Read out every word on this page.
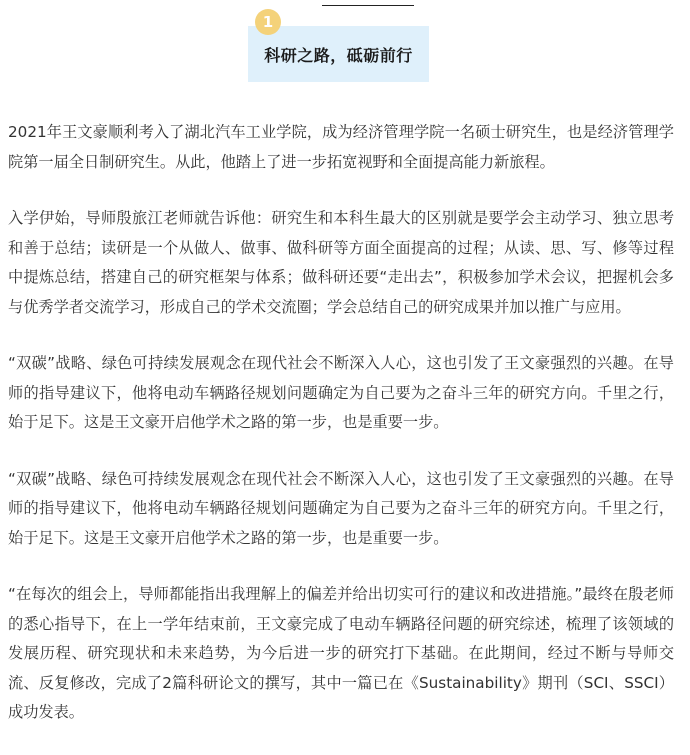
科研之路，砥砺前行
1

2021年王文豪顺利考入了湖北汽车工业学院，成为经济管理学院一名硕士研究生，也是经济管理学院第一届全日制研究生。从此，他踏上了进一步拓宽视野和全面提高能力新旅程。

入学伊始，导师殷旅江老师就告诉他：研究生和本科生最大的区别就是要学会主动学习、独立思考和善于总结；读研是一个从做人、做事、做科研等方面全面提高的过程；从读、思、写、修等过程中提炼总结，搭建自己的研究框架与体系；做科研还要“走出去”，积极参加学术会议，把握机会多与优秀学者交流学习，形成自己的学术交流圈；学会总结自己的研究成果并加以推广与应用。

“双碳”战略、绿色可持续发展观念在现代社会不断深入人心，这也引发了王文豪强烈的兴趣。在导师的指导建议下，他将电动车辆路径规划问题确定为自己要为之奋斗三年的研究方向。千里之行，始于足下。这是王文豪开启他学术之路的第一步，也是重要一步。

“双碳”战略、绿色可持续发展观念在现代社会不断深入人心，这也引发了王文豪强烈的兴趣。在导师的指导建议下，他将电动车辆路径规划问题确定为自己要为之奋斗三年的研究方向。千里之行，始于足下。这是王文豪开启他学术之路的第一步，也是重要一步。

“在每次的组会上，导师都能指出我理解上的偏差并给出切实可行的建议和改进措施。”最终在殷老师的悉心指导下，在上一学年结束前，王文豪完成了电动车辆路径问题的研究综述，梳理了该领域的发展历程、研究现状和未来趋势，为今后进一步的研究打下基础。在此期间，经过不断与导师交流、反复修改，完成了2篇科研论文的撰写，其中一篇已在《Sustainability》期刊（SCI、SSCI）成功发表。
